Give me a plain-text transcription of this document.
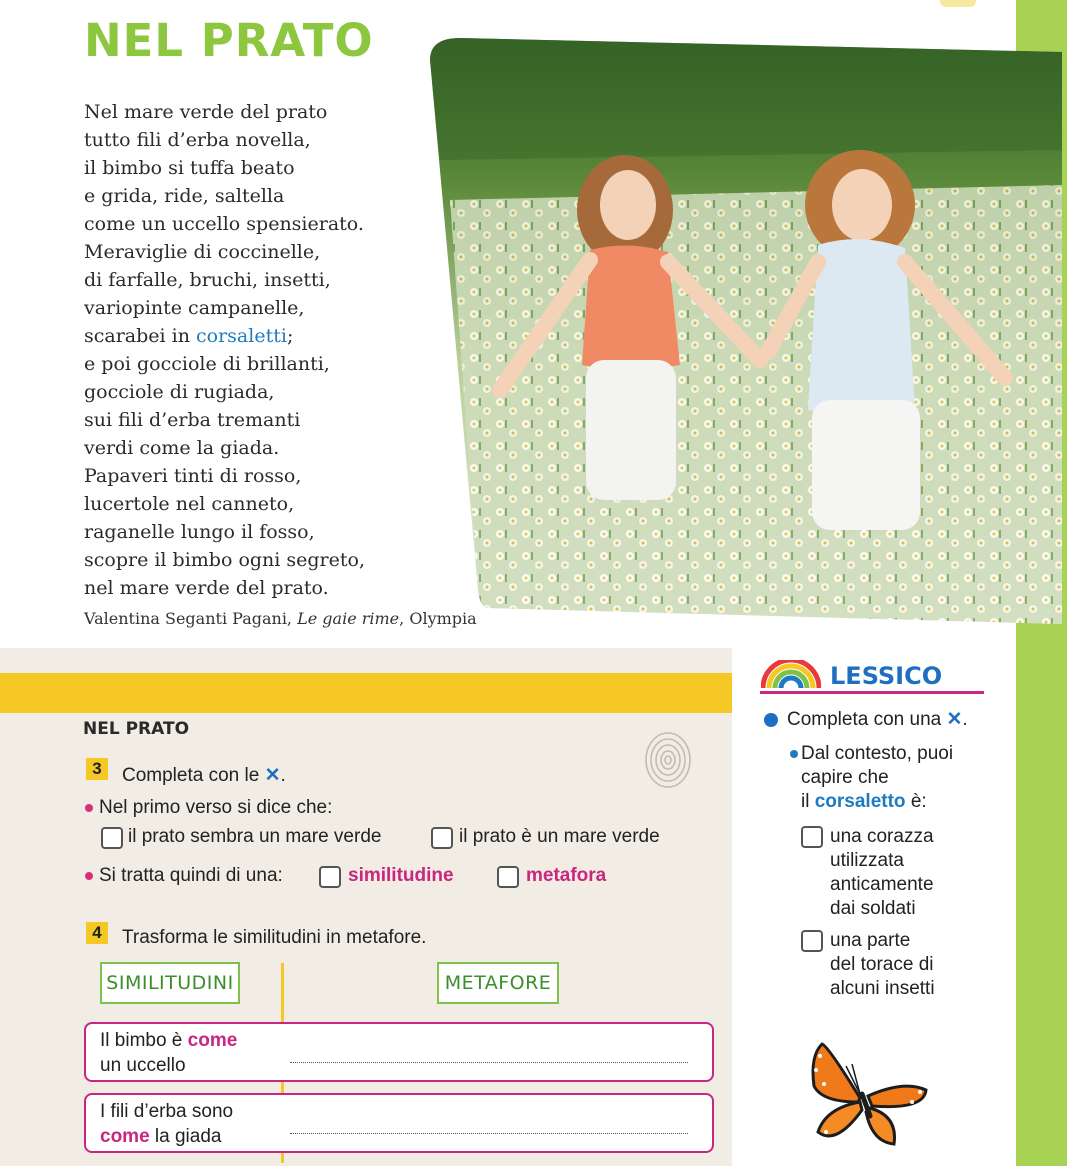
NEL PRATO
Nel mare verde del prato
tutto fili d’erba novella,
il bimbo si tuffa beato
e grida, ride, saltella
come un uccello spensierato.
Meraviglie di coccinelle,
di farfalle, bruchi, insetti,
variopinte campanelle,
scarabei in corsaletti;
e poi gocciole di brillanti,
gocciole di rugiada,
sui fili d’erba tremanti
verdi come la giada.
Papaveri tinti di rosso,
lucertole nel canneto,
raganelle lungo il fosso,
scopre il bimbo ogni segreto,
nel mare verde del prato.
Valentina Seganti Pagani, Le gaie rime, Olympia
NEL PRATO
3	Completa con le ✕.
Nel primo verso si dice che:
il prato sembra un mare verde	il prato è un mare verde
Si tratta quindi di una:	similitudine	metafora
4	Trasforma le similitudini in metafore.
SIMILITUDINI	METAFORE
Il bimbo è come
un uccello
I fili d’erba sono
come la giada
LESSICO
Completa con una ✕.
Dal contesto, puoi
capire che
il corsaletto è:
una corazza
utilizzata
anticamente
dai soldati
una parte
del torace di
alcuni insetti
